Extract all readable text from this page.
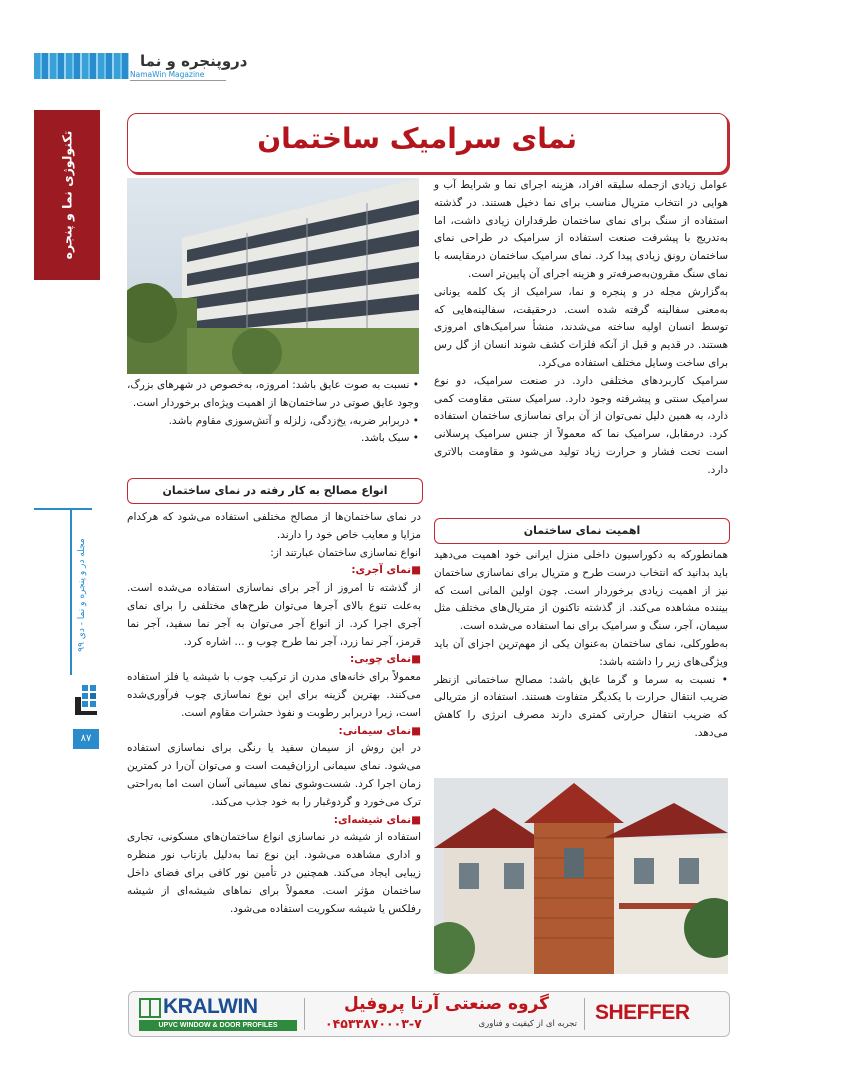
دروپنجره و نما
NamaWin Magazine
تکنولوژی نما و پنجره
مجله در و پنجره و نما - دی ۹۹
۸۷
نمای سرامیک ساختمان

• نسبت به صوت عایق باشد: امروزه، به‌خصوص در شهرهای بزرگ، وجود عایق صوتی در ساختمان‌ها از اهمیت ویژه‌ای برخوردار است.

• دربرابر ضربه، یخ‌زدگی، زلزله و آتش‌سوزی مقاوم باشد.

• سبک باشد.

انواع مصالح به کار رفته در نمای ساختمان

در نمای ساختمان‌ها از مصالح مختلفی استفاده می‌شود که هرکدام مزایا و معایب خاص خود را دارند.

انواع نماسازی ساختمان عبارتند از:

■نمای آجری:

از گذشته تا امروز از آجر برای نماسازی استفاده می‌شده است. به‌علت تنوع بالای آجرها می‌توان طرح‌های مختلفی را برای نمای آجری اجرا کرد. از انواع آجر می‌توان به آجر نما سفید، آجر نما قرمز، آجر نما زرد، آجر نما طرح چوب و ... اشاره کرد.

■نمای چوبی:

معمولاً برای خانه‌های مدرن از ترکیب چوب با شیشه یا فلز استفاده می‌کنند. بهترین گزینه برای این نوع نماسازی چوب فرآوری‌شده است، زیرا دربرابر رطوبت و نفوذ حشرات مقاوم است.

■نمای سیمانی:

در این روش از سیمان سفید یا رنگی برای نماسازی استفاده می‌شود. نمای سیمانی ارزان‌قیمت است و می‌توان آن‌را در کمترین زمان اجرا کرد. شست‌وشوی نمای سیمانی آسان است اما به‌راحتی ترک می‌خورد و گردوغبار را به خود جذب می‌کند.

■نمای شیشه‌ای:

استفاده از شیشه در نماسازی انواع ساختمان‌های مسکونی، تجاری و اداری مشاهده می‌شود. این نوع نما به‌دلیل بازتاب نور منظره زیبایی ایجاد می‌کند. همچنین در تأمین نور کافی برای فضای داخل ساختمان مؤثر است. معمولاً برای نماهای شیشه‌ای از شیشه رفلکس یا شیشه سکوریت استفاده می‌شود.

عوامل زیادی ازجمله سلیقه افراد، هزینه اجرای نما و شرایط آب و هوایی در انتخاب متریال مناسب برای نما دخیل هستند. در گذشته استفاده از سنگ برای نمای ساختمان طرفداران زیادی داشت، اما به‌تدریج با پیشرفت صنعت استفاده از سرامیک در طراحی نمای ساختمان رونق زیادی پیدا کرد. نمای سرامیک ساختمان درمقایسه با نمای سنگ مقرون‌به‌صرفه‌تر و هزینه اجرای آن پایین‌تر است.

به‌گزارش مجله در و پنجره و نما، سرامیک از یک کلمه یونانی به‌معنی سفالینه گرفته شده است. درحقیقت، سفالینه‌هایی که توسط انسان اولیه ساخته می‌شدند، منشأ سرامیک‌های امروزی هستند. در قدیم و قبل از آنکه فلزات کشف شوند انسان از گل رس برای ساخت وسایل مختلف استفاده می‌کرد.

سرامیک کاربردهای مختلفی دارد. در صنعت سرامیک، دو نوع سرامیک سنتی و پیشرفته وجود دارد. سرامیک سنتی مقاومت کمی دارد، به همین دلیل نمی‌توان از آن برای نماسازی ساختمان استفاده کرد. درمقابل، سرامیک نما که معمولاً از جنس سرامیک پرسلانی است تحت فشار و حرارت زیاد تولید می‌شود و مقاومت بالاتری دارد.

اهمیت نمای ساختمان

همانطورکه به دکوراسیون داخلی منزل ایرانی خود اهمیت می‌دهید باید بدانید که انتخاب درست طرح و متریال برای نماسازی ساختمان نیز از اهمیت زیادی برخوردار است. چون اولین المانی است که بیننده مشاهده می‌کند. از گذشته تاکنون از متریال‌های مختلف مثل سیمان، آجر، سنگ و سرامیک برای نما استفاده می‌شده است.

به‌طورکلی، نمای ساختمان به‌عنوان یکی از مهم‌ترین اجزای آن باید ویژگی‌های زیر را داشته باشد:

• نسبت به سرما و گرما عایق باشد: مصالح ساختمانی ازنظر ضریب انتقال حرارت با یکدیگر متفاوت هستند. استفاده از متریالی که ضریب انتقال حرارتی کمتری دارند مصرف انرژی را کاهش می‌دهد.

KRALWIN
UPVC WINDOW & DOOR PROFILES
گروه صنعتی آرتا پروفیل
تجربه ای از کیفیت و فناوری
۰۴۵۳۳۸۷۰۰۰۳-۷	SHEFFER
